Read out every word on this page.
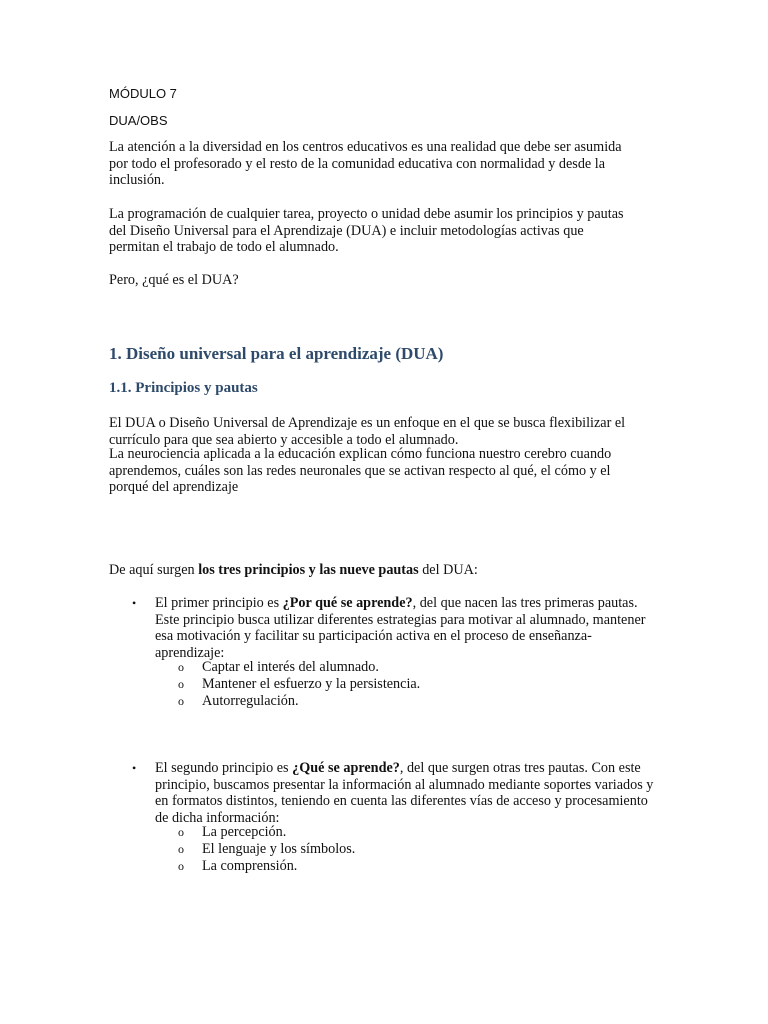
MÓDULO 7
DUA/OBS

La atención a la diversidad en los centros educativos es una realidad que debe ser asumida por todo el profesorado y el resto de la comunidad educativa con normalidad y desde la inclusión.

La programación de cualquier tarea, proyecto o unidad debe asumir los principios y pautas del Diseño Universal para el Aprendizaje (DUA) e incluir metodologías activas que permitan el trabajo de todo el alumnado.

Pero, ¿qué es el DUA?

1. Diseño universal para el aprendizaje (DUA)
1.1. Principios y pautas

El DUA o Diseño Universal de Aprendizaje es un enfoque en el que se busca flexibilizar el currículo para que sea abierto y accesible a todo el alumnado.

La neurociencia aplicada a la educación explican cómo funciona nuestro cerebro cuando aprendemos, cuáles son las redes neuronales que se activan respecto al qué, el cómo y el porqué del aprendizaje

De aquí surgen los tres principios y las nueve pautas del DUA:

• El primer principio es ¿Por qué se aprende?, del que nacen las tres primeras pautas. Este principio busca utilizar diferentes estrategias para motivar al alumnado, mantener esa motivación y facilitar su participación activa en el proceso de enseñanza-aprendizaje:
o Captar el interés del alumnado.
o Mantener el esfuerzo y la persistencia.
o Autorregulación.
• El segundo principio es ¿Qué se aprende?, del que surgen otras tres pautas. Con este principio, buscamos presentar la información al alumnado mediante soportes variados y en formatos distintos, teniendo en cuenta las diferentes vías de acceso y procesamiento de dicha información:
o La percepción.
o El lenguaje y los símbolos.
o La comprensión.
